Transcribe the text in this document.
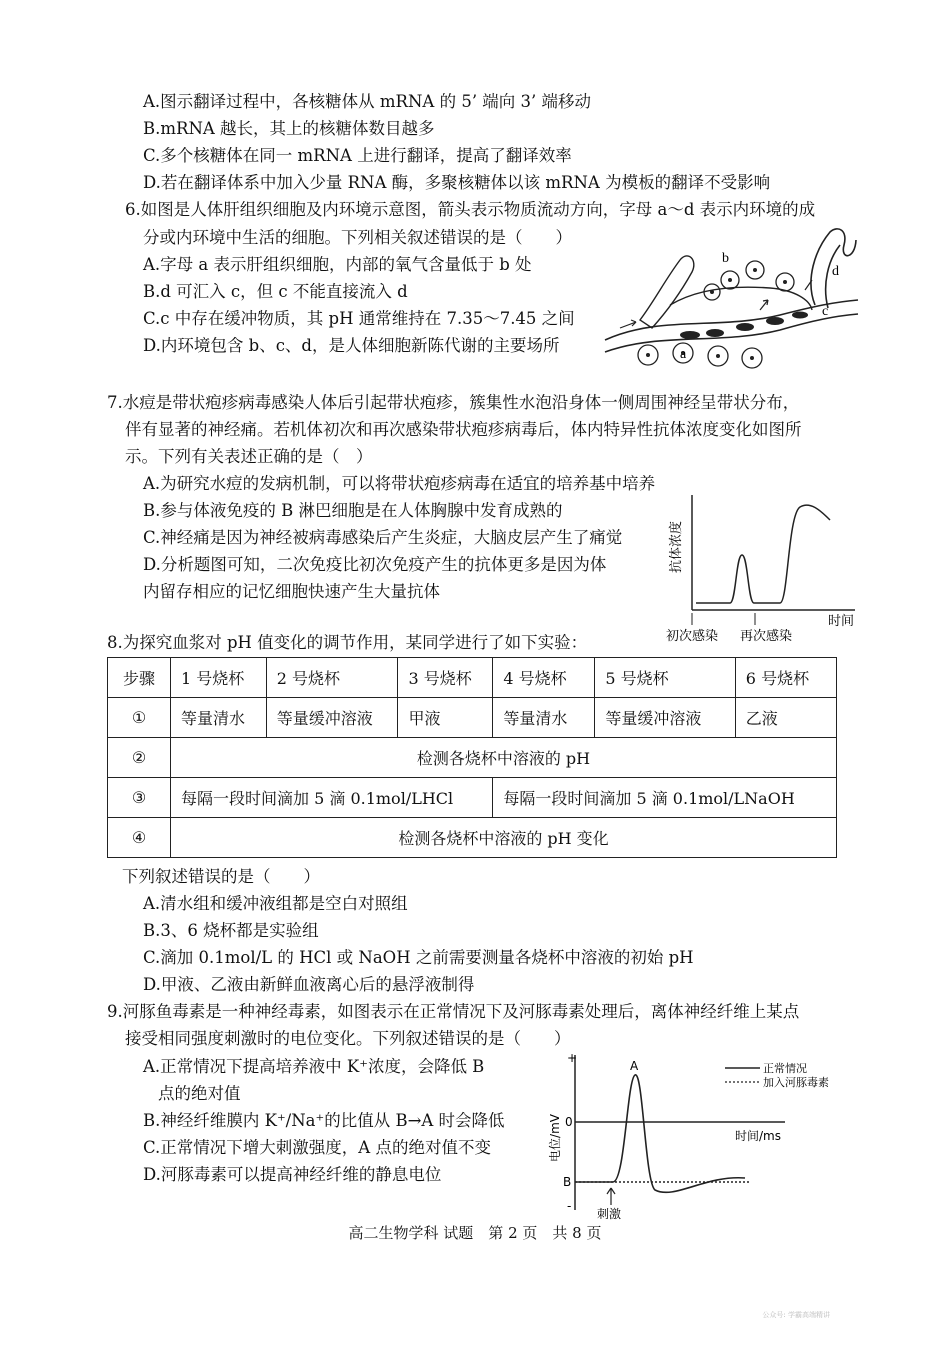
A.图示翻译过程中，各核糖体从 mRNA 的 5’ 端向 3’ 端移动
B.mRNA 越长，其上的核糖体数目越多
C.多个核糖体在同一 mRNA 上进行翻译，提高了翻译效率
D.若在翻译体系中加入少量 RNA 酶，多聚核糖体以该 mRNA 为模板的翻译不受影响
6.如图是人体肝组织细胞及内环境示意图，箭头表示物质流动方向，字母 a～d 表示内环境的成
分或内环境中生活的细胞。下列相关叙述错误的是（　　）
A.字母 a 表示肝组织细胞，内部的氧气含量低于 b 处
B.d 可汇入 c，但 c 不能直接流入 d
C.c 中存在缓冲物质，其 pH 通常维持在 7.35～7.45 之间
D.内环境包含 b、c、d，是人体细胞新陈代谢的主要场所
b
d
c
a
7.水痘是带状疱疹病毒感染人体后引起带状疱疹，簇集性水泡沿身体一侧周围神经呈带状分布，
伴有显著的神经痛。若机体初次和再次感染带状疱疹病毒后，体内特异性抗体浓度变化如图所
示。下列有关表述正确的是（　）
A.为研究水痘的发病机制，可以将带状疱疹病毒在适宜的培养基中培养
B.参与体液免疫的 B 淋巴细胞是在人体胸腺中发育成熟的
C.神经痛是因为神经被病毒感染后产生炎症，大脑皮层产生了痛觉
D.分析题图可知，二次免疫比初次免疫产生的抗体更多是因为体
内留存相应的记忆细胞快速产生大量抗体
抗体浓度
时间
初次感染 再次感染
8.为探究血浆对 pH 值变化的调节作用，某同学进行了如下实验：
步骤	1 号烧杯	2 号烧杯	3 号烧杯	4 号烧杯	5 号烧杯	6 号烧杯
①	等量清水	等量缓冲溶液	甲液	等量清水	等量缓冲溶液	乙液
②	检测各烧杯中溶液的 pH					
③	每隔一段时间滴加 5 滴 0.1mol/LHCl			每隔一段时间滴加 5 滴 0.1mol/LNaOH		
④	检测各烧杯中溶液的 pH 变化					
下列叙述错误的是（　　）
A.清水组和缓冲液组都是空白对照组
B.3、6 烧杯都是实验组
C.滴加 0.1mol/L 的 HCl 或 NaOH 之前需要测量各烧杯中溶液的初始 pH
D.甲液、乙液由新鲜血液离心后的悬浮液制得
9.河豚鱼毒素是一种神经毒素，如图表示在正常情况下及河豚毒素处理后，离体神经纤维上某点
接受相同强度刺激时的电位变化。下列叙述错误的是（　　）
A.正常情况下提高培养液中 K⁺浓度，会降低 B
点的绝对值
B.神经纤维膜内 K⁺/Na⁺的比值从 B→A 时会降低
C.正常情况下增大刺激强度，A 点的绝对值不变
D.河豚毒素可以提高神经纤维的静息电位
+
0
-
电位/mV	时间/ms
A
B
刺激
正常情况
加入河豚毒素
高二生物学科 试题　第 2 页　共 8 页
公众号: 学霸高端精讲
